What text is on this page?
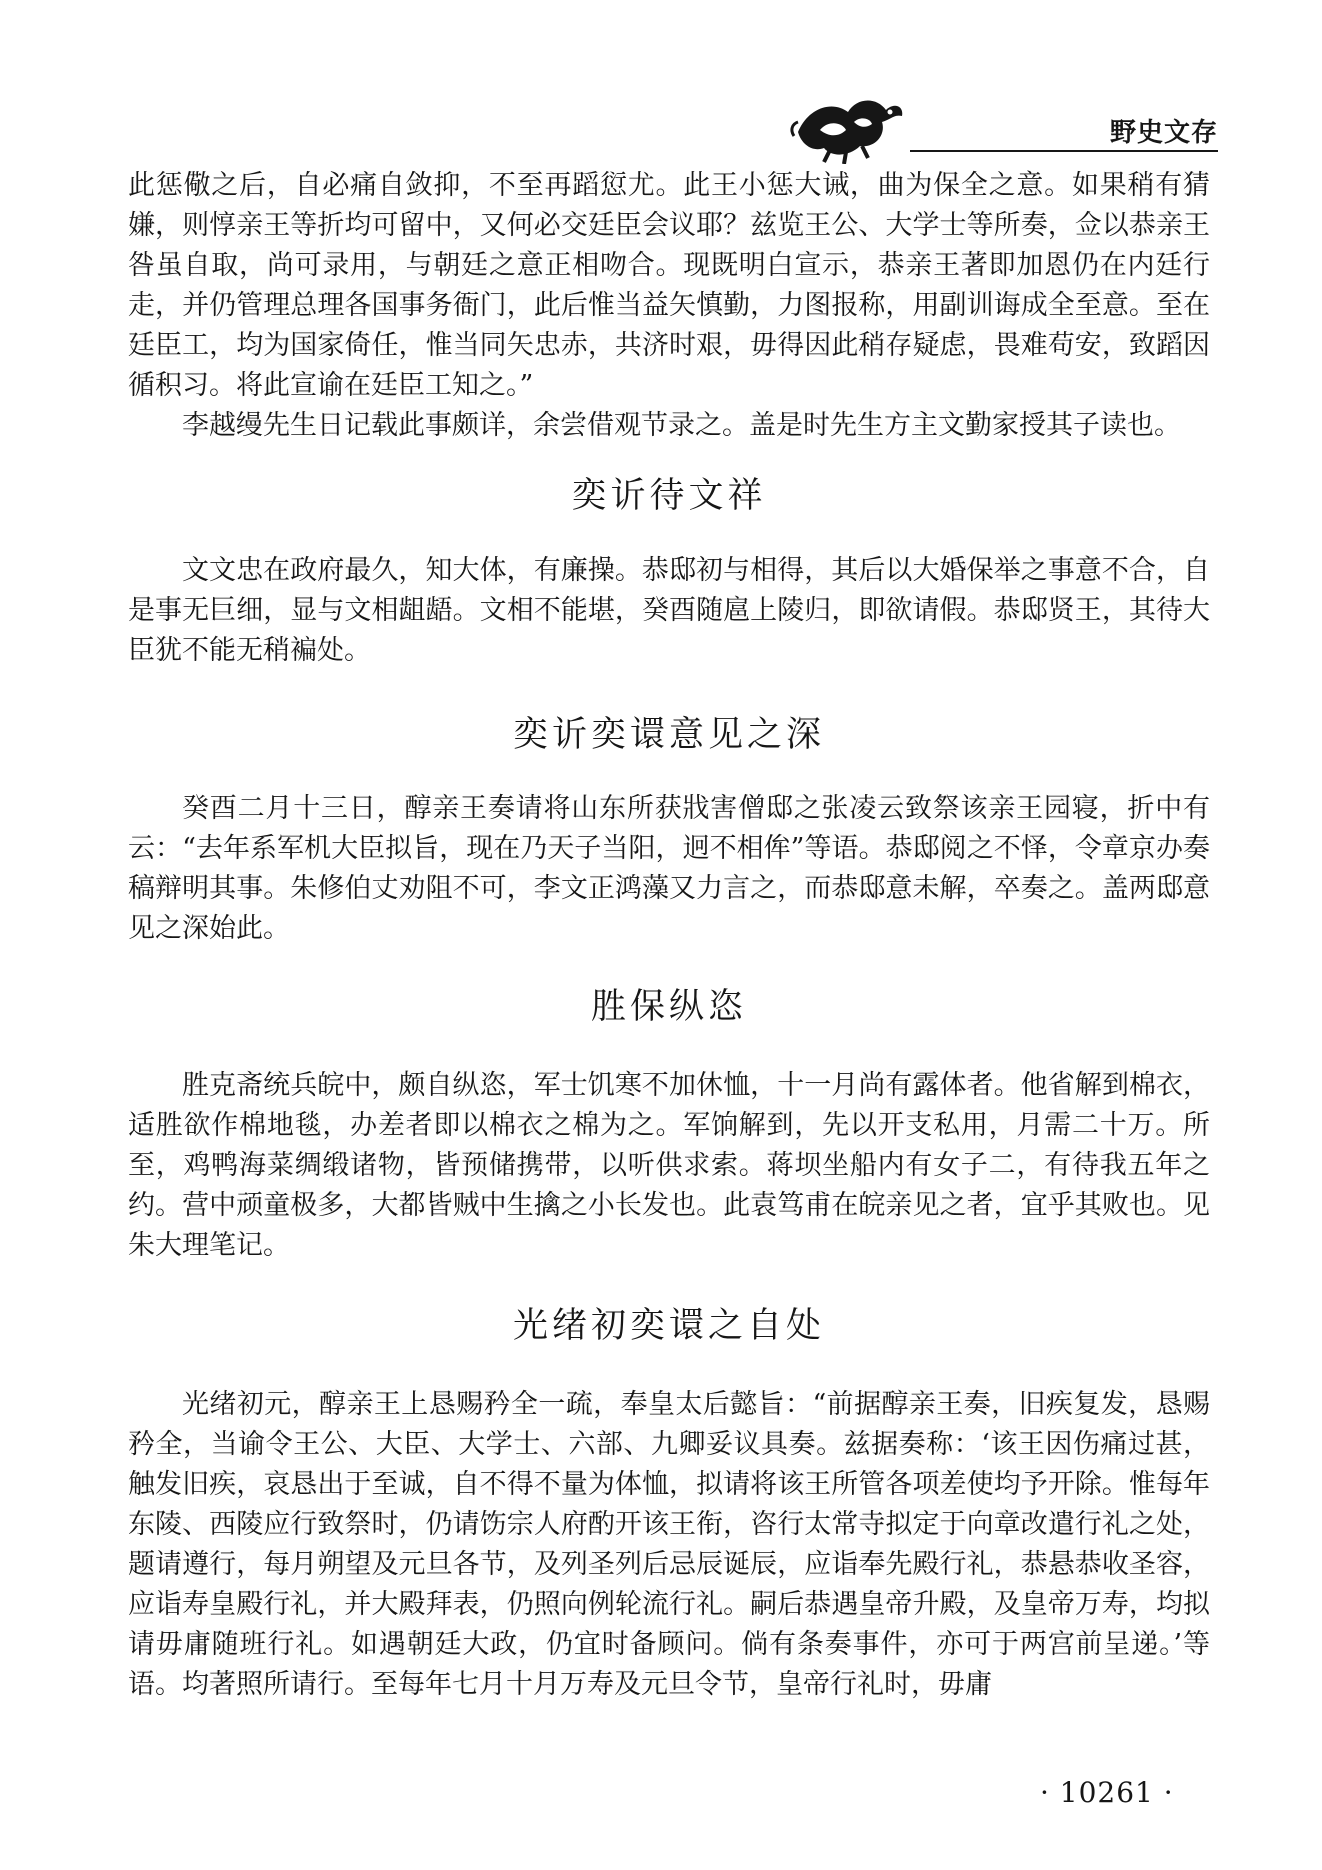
野史文存

此惩儆之后，自必痛自敛抑，不至再蹈愆尤。此王小惩大诫，曲为保全之意。如果稍有猜嫌，则惇亲王等折均可留中，又何必交廷臣会议耶？兹览王公、大学士等所奏，佥以恭亲王咎虽自取，尚可录用，与朝廷之意正相吻合。现既明白宣示，恭亲王著即加恩仍在内廷行走，并仍管理总理各国事务衙门，此后惟当益矢慎勤，力图报称，用副训诲成全至意。至在廷臣工，均为国家倚任，惟当同矢忠赤，共济时艰，毋得因此稍存疑虑，畏难苟安，致蹈因循积习。将此宣谕在廷臣工知之。”

李越缦先生日记载此事颇详，余尝借观节录之。盖是时先生方主文勤家授其子读也。

奕䜣待文祥

文文忠在政府最久，知大体，有廉操。恭邸初与相得，其后以大婚保举之事意不合，自是事无巨细，显与文相龃龉。文相不能堪，癸酉随扈上陵归，即欲请假。恭邸贤王，其待大臣犹不能无稍褊处。

奕䜣奕𫍽意见之深

癸酉二月十三日，醇亲王奏请将山东所获戕害僧邸之张凌云致祭该亲王园寝，折中有云：“去年系军机大臣拟旨，现在乃天子当阳，迥不相侔”等语。恭邸阅之不怿，令章京办奏稿辩明其事。朱修伯丈劝阻不可，李文正鸿藻又力言之，而恭邸意未解，卒奏之。盖两邸意见之深始此。

胜保纵恣

胜克斋统兵皖中，颇自纵恣，军士饥寒不加休恤，十一月尚有露体者。他省解到棉衣，适胜欲作棉地毯，办差者即以棉衣之棉为之。军饷解到，先以开支私用，月需二十万。所至，鸡鸭海菜绸缎诸物，皆预储携带，以听供求索。蒋坝坐船内有女子二，有待我五年之约。营中顽童极多，大都皆贼中生擒之小长发也。此袁笃甫在皖亲见之者，宜乎其败也。见朱大理笔记。

光绪初奕𫍽之自处

光绪初元，醇亲王上恳赐矜全一疏，奉皇太后懿旨：“前据醇亲王奏，旧疾复发，恳赐矜全，当谕令王公、大臣、大学士、六部、九卿妥议具奏。兹据奏称：‘该王因伤痛过甚，触发旧疾，哀恳出于至诚，自不得不量为体恤，拟请将该王所管各项差使均予开除。惟每年东陵、西陵应行致祭时，仍请饬宗人府酌开该王衔，咨行太常寺拟定于向章改遣行礼之处，题请遵行，每月朔望及元旦各节，及列圣列后忌辰诞辰，应诣奉先殿行礼，恭悬恭收圣容，应诣寿皇殿行礼，并大殿拜表，仍照向例轮流行礼。嗣后恭遇皇帝升殿，及皇帝万寿，均拟请毋庸随班行礼。如遇朝廷大政，仍宜时备顾问。倘有条奏事件，亦可于两宫前呈递。’等语。均著照所请行。至每年七月十月万寿及元旦令节，皇帝行礼时，毋庸

· 10261 ·
